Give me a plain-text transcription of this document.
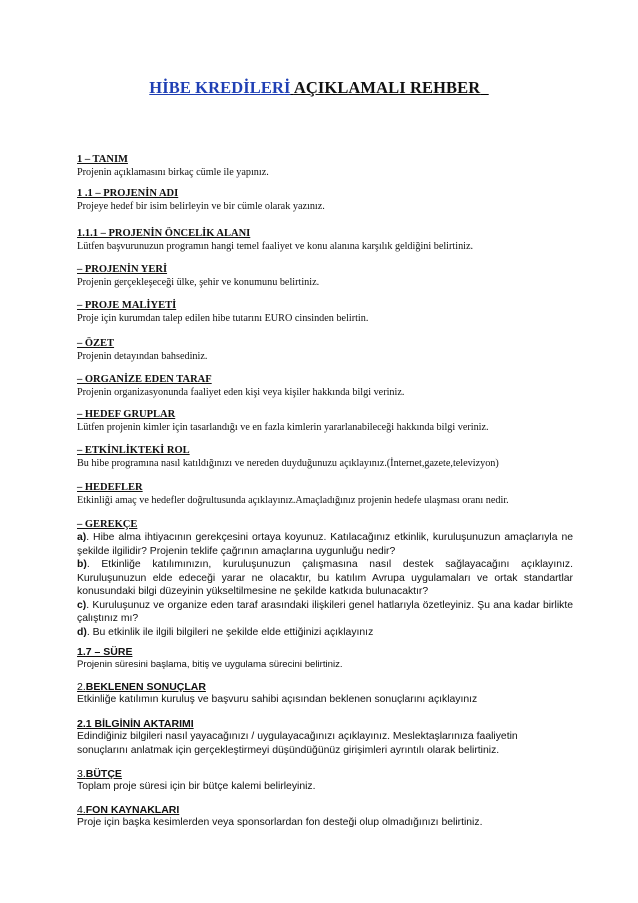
HİBE KREDİLERİ AÇIKLAMALI REHBER
1 – TANIM
Projenin açıklamasını birkaç cümle ile yapınız.
1 .1 – PROJENİN ADI
Projeye hedef bir isim belirleyin ve bir cümle olarak yazınız.
1.1.1 – PROJENİN ÖNCELİK ALANI
Lütfen başvurunuzun programın hangi temel faaliyet ve konu alanına karşılık geldiğini belirtiniz.
– PROJENİN YERİ
Projenin gerçekleşeceği ülke, şehir ve konumunu belirtiniz.
– PROJE MALİYETİ
Proje için kurumdan talep edilen hibe tutarını EURO cinsinden belirtin.
– ÖZET
Projenin detayından bahsediniz.
– ORGANİZE EDEN TARAF
Projenin organizasyonunda faaliyet eden kişi veya kişiler hakkında bilgi veriniz.
– HEDEF GRUPLAR
Lütfen projenin kimler için tasarlandığı ve en fazla kimlerin yararlanabileceği hakkında bilgi veriniz.
– ETKİNLİKTEKİ ROL
Bu hibe programına nasıl katıldığınızı ve nereden duyduğunuzu açıklayınız.(İnternet,gazete,televizyon)
– HEDEFLER
Etkinliği amaç ve hedefler doğrultusunda açıklayınız.Amaçladığınız projenin hedefe ulaşması oranı nedir.
– GEREKÇE
a). Hibe alma ihtiyacının gerekçesini ortaya koyunuz. Katılacağınız etkinlik, kuruluşunuzun amaçlarıyla ne şekilde ilgilidir? Projenin teklife çağrının amaçlarına uygunluğu nedir?
b). Etkinliğe katılımınızın, kuruluşunuzun çalışmasına nasıl destek sağlayacağını açıklayınız. Kuruluşunuzun elde edeceği yarar ne olacaktır, bu katılım Avrupa uygulamaları ve ortak standartlar konusundaki bilgi düzeyinin yükseltilmesine ne şekilde katkıda bulunacaktır?
c). Kuruluşunuz ve organize eden taraf arasındaki ilişkileri genel hatlarıyla özetleyiniz. Şu ana kadar birlikte çalıştınız mı?
d). Bu etkinlik ile ilgili bilgileri ne şekilde elde ettiğinizi açıklayınız
1.7 – SÜRE
Projenin süresini başlama, bitiş ve uygulama sürecini belirtiniz.
2.BEKLENEN SONUÇLAR
Etkinliğe katılımın kuruluş ve başvuru sahibi açısından beklenen sonuçlarını açıklayınız
2.1 BİLGİNİN AKTARIMI
Edindiğiniz bilgileri nasıl yayacağınızı / uygulayacağınızı açıklayınız. Meslektaşlarınıza faaliyetin
sonuçlarını anlatmak için gerçekleştirmeyi düşündüğünüz girişimleri ayrıntılı olarak belirtiniz.
3.BÜTÇE
Toplam proje süresi için bir bütçe kalemi belirleyiniz.
4.FON KAYNAKLARI
Proje için başka kesimlerden veya sponsorlardan fon desteği olup olmadığınızı belirtiniz.
